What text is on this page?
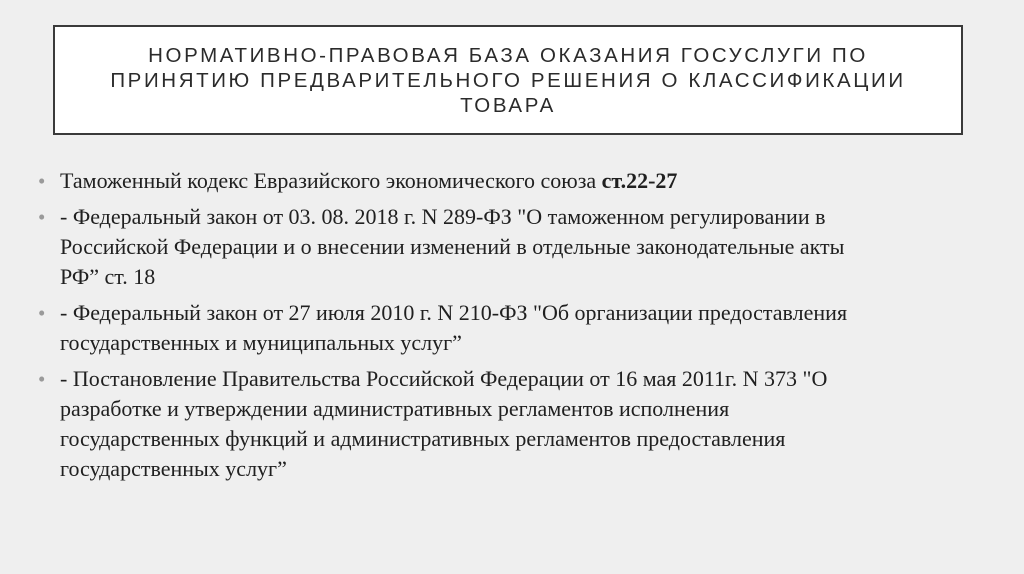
НОРМАТИВНО-ПРАВОВАЯ БАЗА ОКАЗАНИЯ ГОСУСЛУГИ ПО
ПРИНЯТИЮ ПРЕДВАРИТЕЛЬНОГО РЕШЕНИЯ О КЛАССИФИКАЦИИ
ТОВАРА
• Таможенный кодекс Евразийского экономического союза ст.22-27
• - Федеральный закон от 03. 08. 2018 г. N 289-ФЗ "О таможенном регулировании в
Российской Федерации и о внесении изменений в отдельные законодательные акты
РФ” ст. 18
• - Федеральный закон от 27 июля 2010 г. N 210-ФЗ "Об организации предоставления
государственных и муниципальных услуг”
• - Постановление Правительства Российской Федерации от 16 мая 2011г. N 373 "О
разработке и утверждении административных регламентов исполнения
государственных функций и административных регламентов предоставления
государственных услуг”
